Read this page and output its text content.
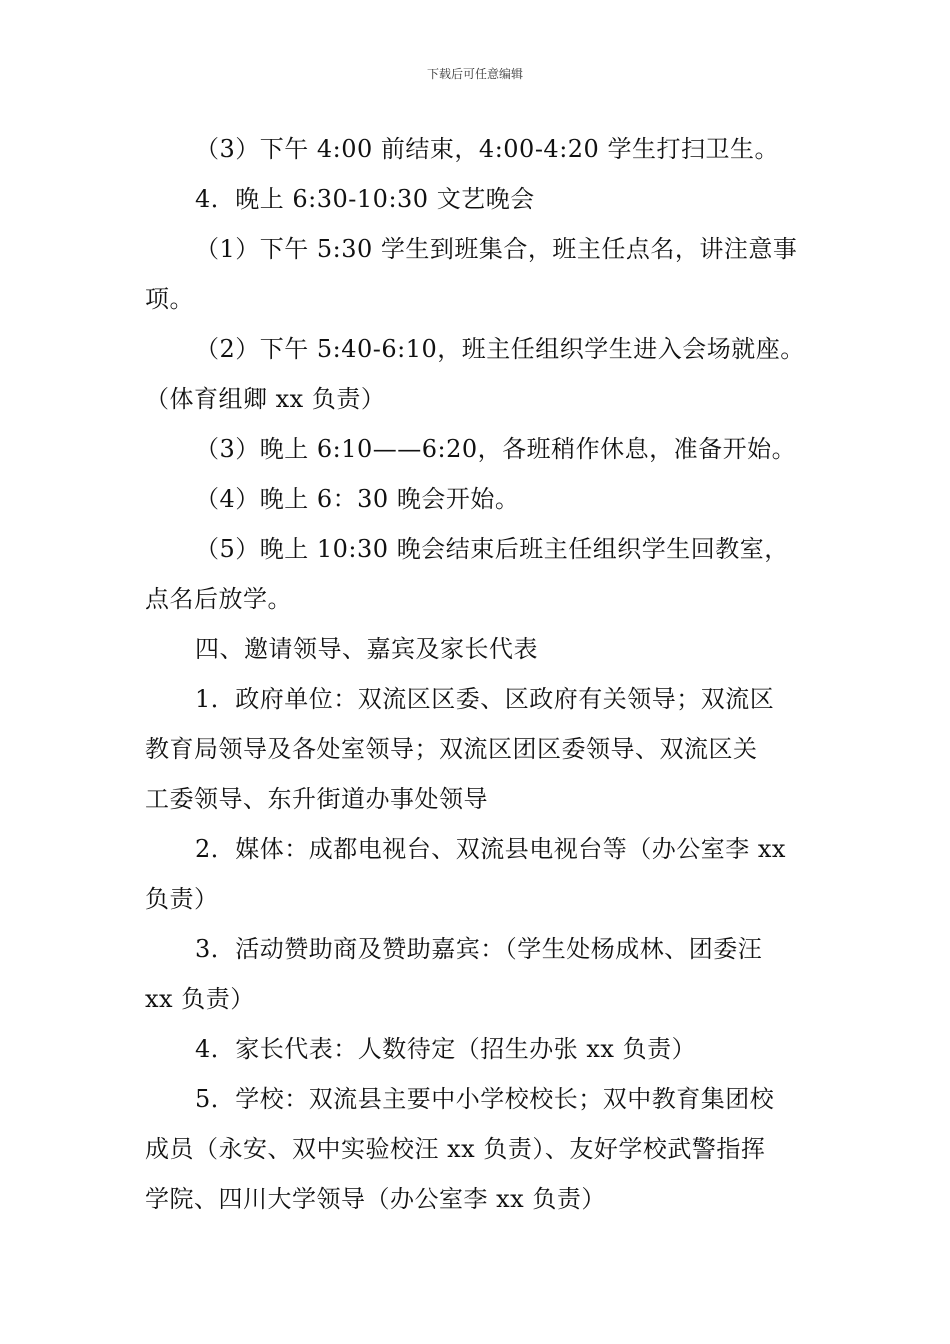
下载后可任意编辑
（3）下午 4:00 前结束，4:00-4:20 学生打扫卫生。
4．晚上 6:30-10:30 文艺晚会
（1）下午 5:30 学生到班集合，班主任点名，讲注意事
项。
（2）下午 5:40-6:10，班主任组织学生进入会场就座。
（体育组卿 xx 负责）
（3）晚上 6:10——6:20，各班稍作休息，准备开始。
（4）晚上 6：30 晚会开始。
（5）晚上 10:30 晚会结束后班主任组织学生回教室，
点名后放学。
四、邀请领导、嘉宾及家长代表
1．政府单位：双流区区委、区政府有关领导；双流区
教育局领导及各处室领导；双流区团区委领导、双流区关
工委领导、东升街道办事处领导
2．媒体：成都电视台、双流县电视台等（办公室李 xx
负责）
3．活动赞助商及赞助嘉宾：（学生处杨成林、团委汪
xx 负责）
4．家长代表：人数待定（招生办张 xx 负责）
5．学校：双流县主要中小学校校长；双中教育集团校
成员（永安、双中实验校汪 xx 负责）、友好学校武警指挥
学院、四川大学领导（办公室李 xx 负责）
